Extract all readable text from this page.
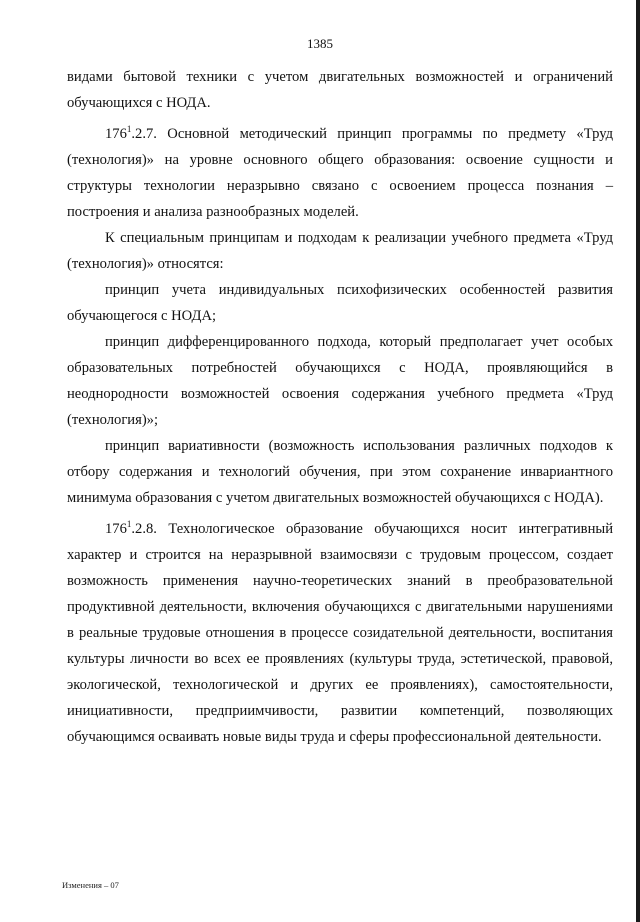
1385

видами бытовой техники с учетом двигательных возможностей и ограничений обучающихся с НОДА.

$176^1.2.7$. Основной методический принцип программы по предмету «Труд (технология)» на уровне основного общего образования: освоение сущности и структуры технологии неразрывно связано с освоением процесса познания – построения и анализа разнообразных моделей.

К специальным принципам и подходам к реализации учебного предмета «Труд (технология)» относятся:

принцип учета индивидуальных психофизических особенностей развития обучающегося с НОДА;

принцип дифференцированного подхода, который предполагает учет особых образовательных потребностей обучающихся с НОДА, проявляющийся в неоднородности возможностей освоения содержания учебного предмета «Труд (технология)»;

принцип вариативности (возможность использования различных подходов к отбору содержания и технологий обучения, при этом сохранение инвариантного минимума образования с учетом двигательных возможностей обучающихся с НОДА).

$176^1.2.8$. Технологическое образование обучающихся носит интегративный характер и строится на неразрывной взаимосвязи с трудовым процессом, создает возможность применения научно-теоретических знаний в преобразовательной продуктивной деятельности, включения обучающихся с двигательными нарушениями в реальные трудовые отношения в процессе созидательной деятельности, воспитания культуры личности во всех ее проявлениях (культуры труда, эстетической, правовой, экологической, технологической и других ее проявлениях), самостоятельности, инициативности, предприимчивости, развитии компетенций, позволяющих обучающимся осваивать новые виды труда и сферы профессиональной деятельности.

Изменения – 07
